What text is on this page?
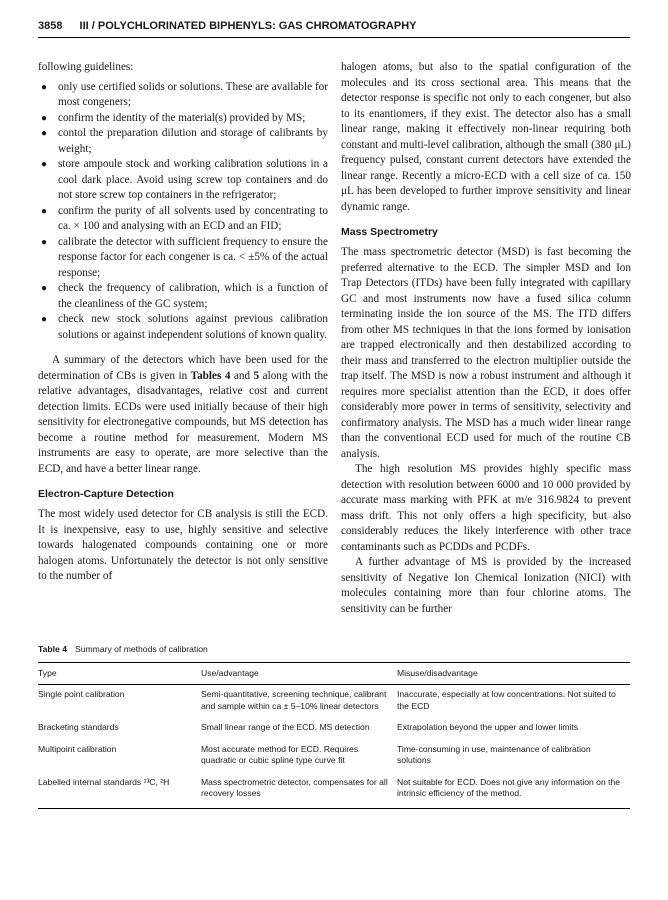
3858 III / POLYCHLORINATED BIPHENYLS: GAS CHROMATOGRAPHY

following guidelines:

● only use certified solids or solutions. These are available for most congeners;
● confirm the identity of the material(s) provided by MS;
● contol the preparation dilution and storage of calibrants by weight;
● store ampoule stock and working calibration solutions in a cool dark place. Avoid using screw top containers and do not store screw top containers in the refrigerator;
● confirm the purity of all solvents used by concentrating to ca. × 100 and analysing with an ECD and an FID;
● calibrate the detector with sufficient frequency to ensure the response factor for each congener is ca. < ±5% of the actual response;
● check the frequency of calibration, which is a function of the cleanliness of the GC system;
● check new stock solutions against previous calibration solutions or against independent solutions of known quality.

A summary of the detectors which have been used for the determination of CBs is given in Tables 4 and 5 along with the relative advantages, disadvantages, relative cost and current detection limits. ECDs were used initially because of their high sensitivity for electronegative compounds, but MS detection has become a routine method for measurement. Modern MS instruments are easy to operate, are more selective than the ECD, and have a better linear range.

Electron-Capture Detection

The most widely used detector for CB analysis is still the ECD. It is inexpensive, easy to use, highly sensitive and selective towards halogenated compounds containing one or more halogen atoms. Unfortunately the detector is not only sensitive to the number of

halogen atoms, but also to the spatial configuration of the molecules and its cross sectional area. This means that the detector response is specific not only to each congener, but also to its enantiomers, if they exist. The detector also has a small linear range, making it effectively non-linear requiring both constant and multi-level calibration, although the small (380 μL) frequency pulsed, constant current detectors have extended the linear range. Recently a micro-ECD with a cell size of ca. 150 μL has been developed to further improve sensitivity and linear dynamic range.

Mass Spectrometry

The mass spectrometric detector (MSD) is fast becoming the preferred alternative to the ECD. The simpler MSD and Ion Trap Detectors (ITDs) have been fully integrated with capillary GC and most instruments now have a fused silica column terminating inside the ion source of the MS. The ITD differs from other MS techniques in that the ions formed by ionisation are trapped electronically and then destabilized according to their mass and transferred to the electron multiplier outside the trap itself. The MSD is now a robust instrument and although it requires more specialist attention than the ECD, it does offer considerably more power in terms of sensitivity, selectivity and confirmatory analysis. The MSD has a much wider linear range than the conventional ECD used for much of the routine CB analysis.

The high resolution MS provides highly specific mass detection with resolution between 6000 and 10 000 provided by accurate mass marking with PFK at m/e 316.9824 to prevent mass drift. This not only offers a high specificity, but also considerably reduces the likely interference with other trace contaminants such as PCDDs and PCDFs.

A further advantage of MS is provided by the increased sensitivity of Negative Ion Chemical Ionization (NICI) with molecules containing more than four chlorine atoms. The sensitivity can be further

Table 4 Summary of methods of calibration
Type	Use/advantage	Misuse/disadvantage
Single point calibration	Semi-quantitative, screening technique, calibrant and sample within ca ± 5–10% linear detectors	Inaccurate, especially at low concentrations. Not suited to the ECD
Bracketing standards	Small linear range of the ECD. MS detection	Extrapolation beyond the upper and lower limits
Multipoint calibration	Most accurate method for ECD. Requires quadratic or cubic spline type curve fit	Time-consuming in use, maintenance of calibration solutions
Labelled internal standards ¹³C, ²H	Mass spectrometric detector, compensates for all recovery losses	Not suitable for ECD. Does not give any information on the intrinsic efficiency of the method.
